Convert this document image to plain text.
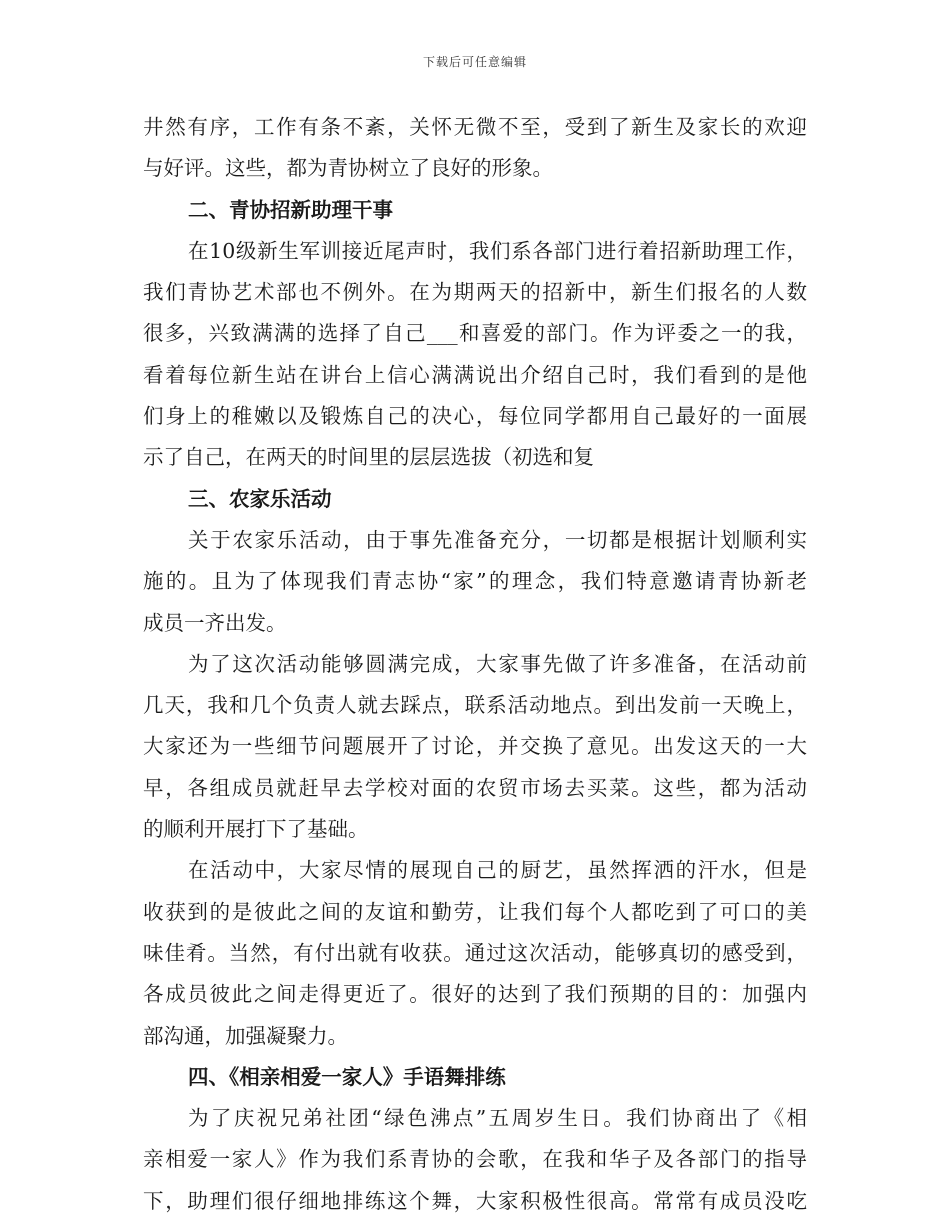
下载后可任意编辑
井然有序，工作有条不紊，关怀无微不至，受到了新生及家长的欢迎
与好评。这些，都为青协树立了良好的形象。
二、青协招新助理干事
在10级新生军训接近尾声时，我们系各部门进行着招新助理工作，
我们青协艺术部也不例外。在为期两天的招新中，新生们报名的人数
很多，兴致满满的选择了自己___和喜爱的部门。作为评委之一的我，
看着每位新生站在讲台上信心满满说出介绍自己时，我们看到的是他
们身上的稚嫩以及锻炼自己的决心，每位同学都用自己最好的一面展
示了自己，在两天的时间里的层层选拔（初选和复
三、农家乐活动
关于农家乐活动，由于事先准备充分，一切都是根据计划顺利实
施的。且为了体现我们青志协“家”的理念，我们特意邀请青协新老
成员一齐出发。
为了这次活动能够圆满完成，大家事先做了许多准备，在活动前
几天，我和几个负责人就去踩点，联系活动地点。到出发前一天晚上，
大家还为一些细节问题展开了讨论，并交换了意见。出发这天的一大
早，各组成员就赶早去学校对面的农贸市场去买菜。这些，都为活动
的顺利开展打下了基础。
在活动中，大家尽情的展现自己的厨艺，虽然挥洒的汗水，但是
收获到的是彼此之间的友谊和勤劳，让我们每个人都吃到了可口的美
味佳肴。当然，有付出就有收获。通过这次活动，能够真切的感受到，
各成员彼此之间走得更近了。很好的达到了我们预期的目的：加强内
部沟通，加强凝聚力。
四、《相亲相爱一家人》手语舞排练
为了庆祝兄弟社团“绿色沸点”五周岁生日。我们协商出了《相
亲相爱一家人》作为我们系青协的会歌，在我和华子及各部门的指导
下，助理们很仔细地排练这个舞，大家积极性很高。常常有成员没吃
